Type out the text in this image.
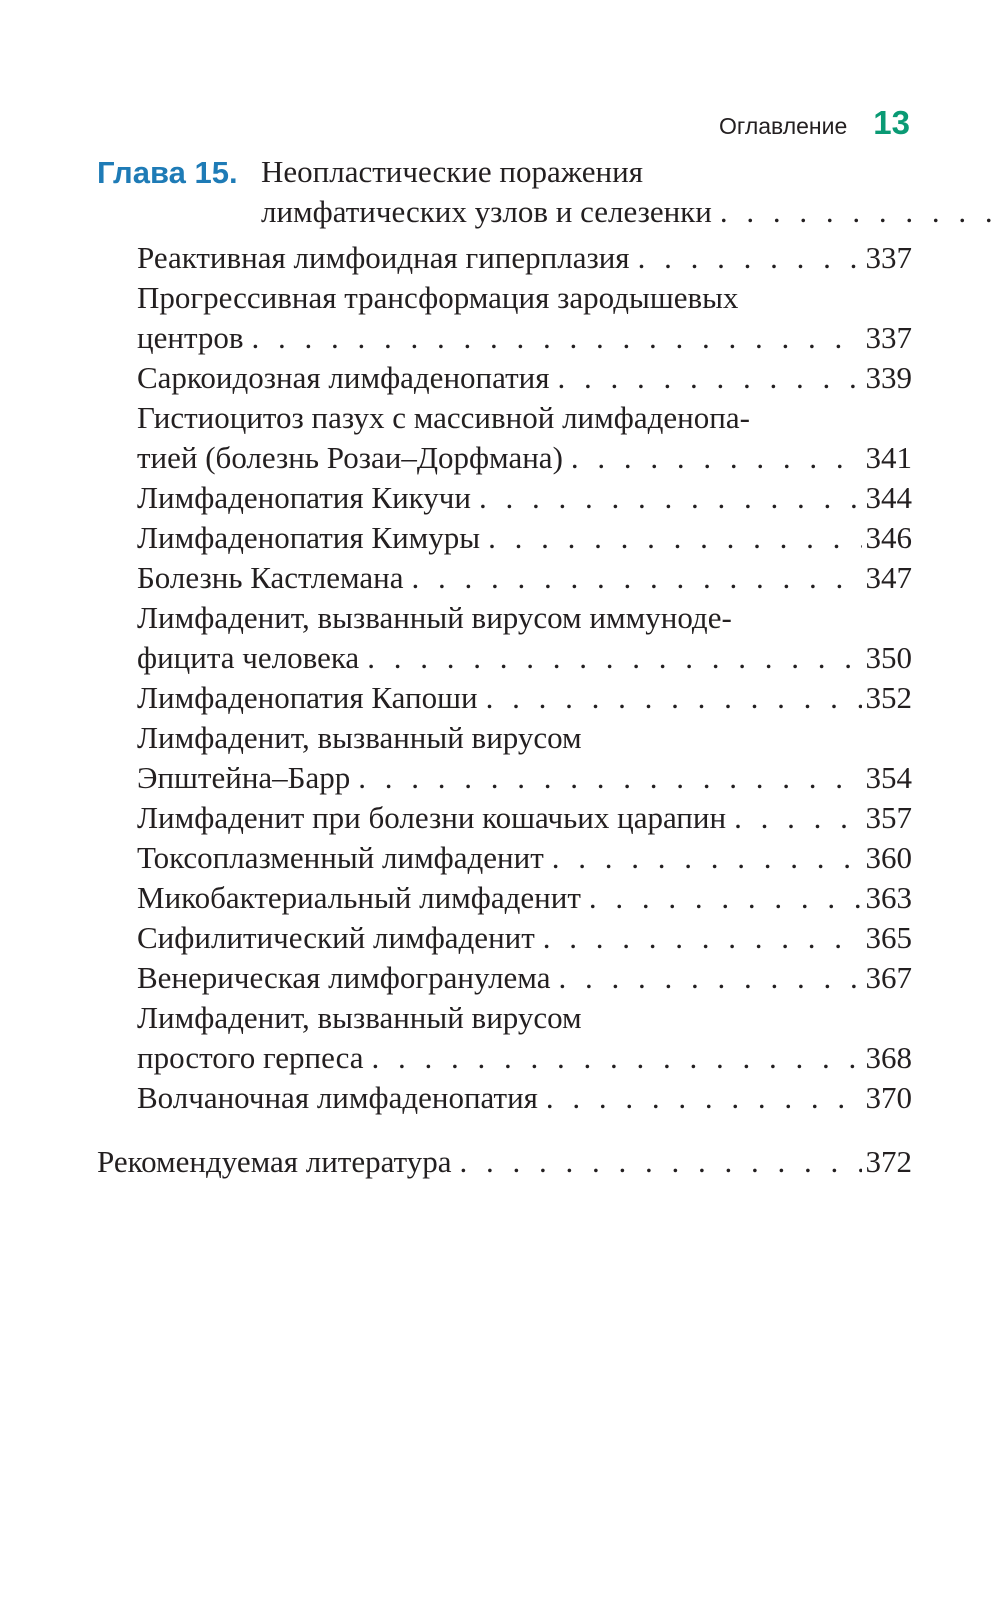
Оглавление 13
Глава 15. Неопластические поражения
лимфатических узлов и селезенки
. . .
Реактивная лимфоидная гиперплазия . . .	337
Прогрессивная трансформация зародышевых
центров . . .	337
Саркоидозная лимфаденопатия . . .	339
Гистиоцитоз пазух с массивной лимфаденопа-
тией (болезнь Розаи–Дорфмана) . . .	341
Лимфаденопатия Кикучи . . .	344
Лимфаденопатия Кимуры . . .	346
Болезнь Кастлемана . . .	347
Лимфаденит, вызванный вирусом иммуноде-
фицита человека . . .	350
Лимфаденопатия Капоши . . .	352
Лимфаденит, вызванный вирусом
Эпштейна–Барр . . .	354
Лимфаденит при болезни кошачьих царапин . . .	357
Токсоплазменный лимфаденит . . .	360
Микобактериальный лимфаденит . . .	363
Сифилитический лимфаденит . . .	365
Венерическая лимфогранулема . . .	367
Лимфаденит, вызванный вирусом
простого герпеса . . .	368
Волчаночная лимфаденопатия . . .	370
Рекомендуемая литература . . .	372
